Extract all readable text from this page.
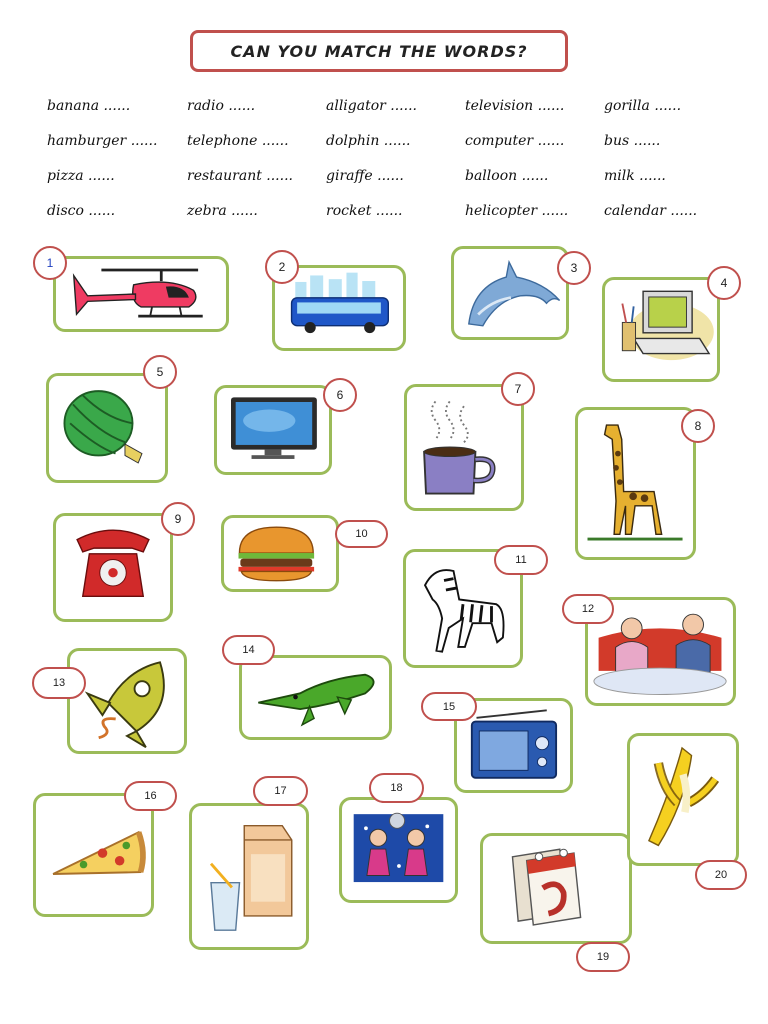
CAN YOU MATCH THE WORDS?
banana ......	radio ......	alligator ......	television ......	gorilla ......
hamburger ...... telephone ......	dolphin ......	computer ......	bus ......
pizza ......	restaurant ...... giraffe ......	balloon ......	milk ......
disco ......	zebra ......	rocket ......	helicopter ......	calendar ......
1	2	3
4
5
6	7
8
9
10
11
12
13
14
15
16	17	18
19
20
